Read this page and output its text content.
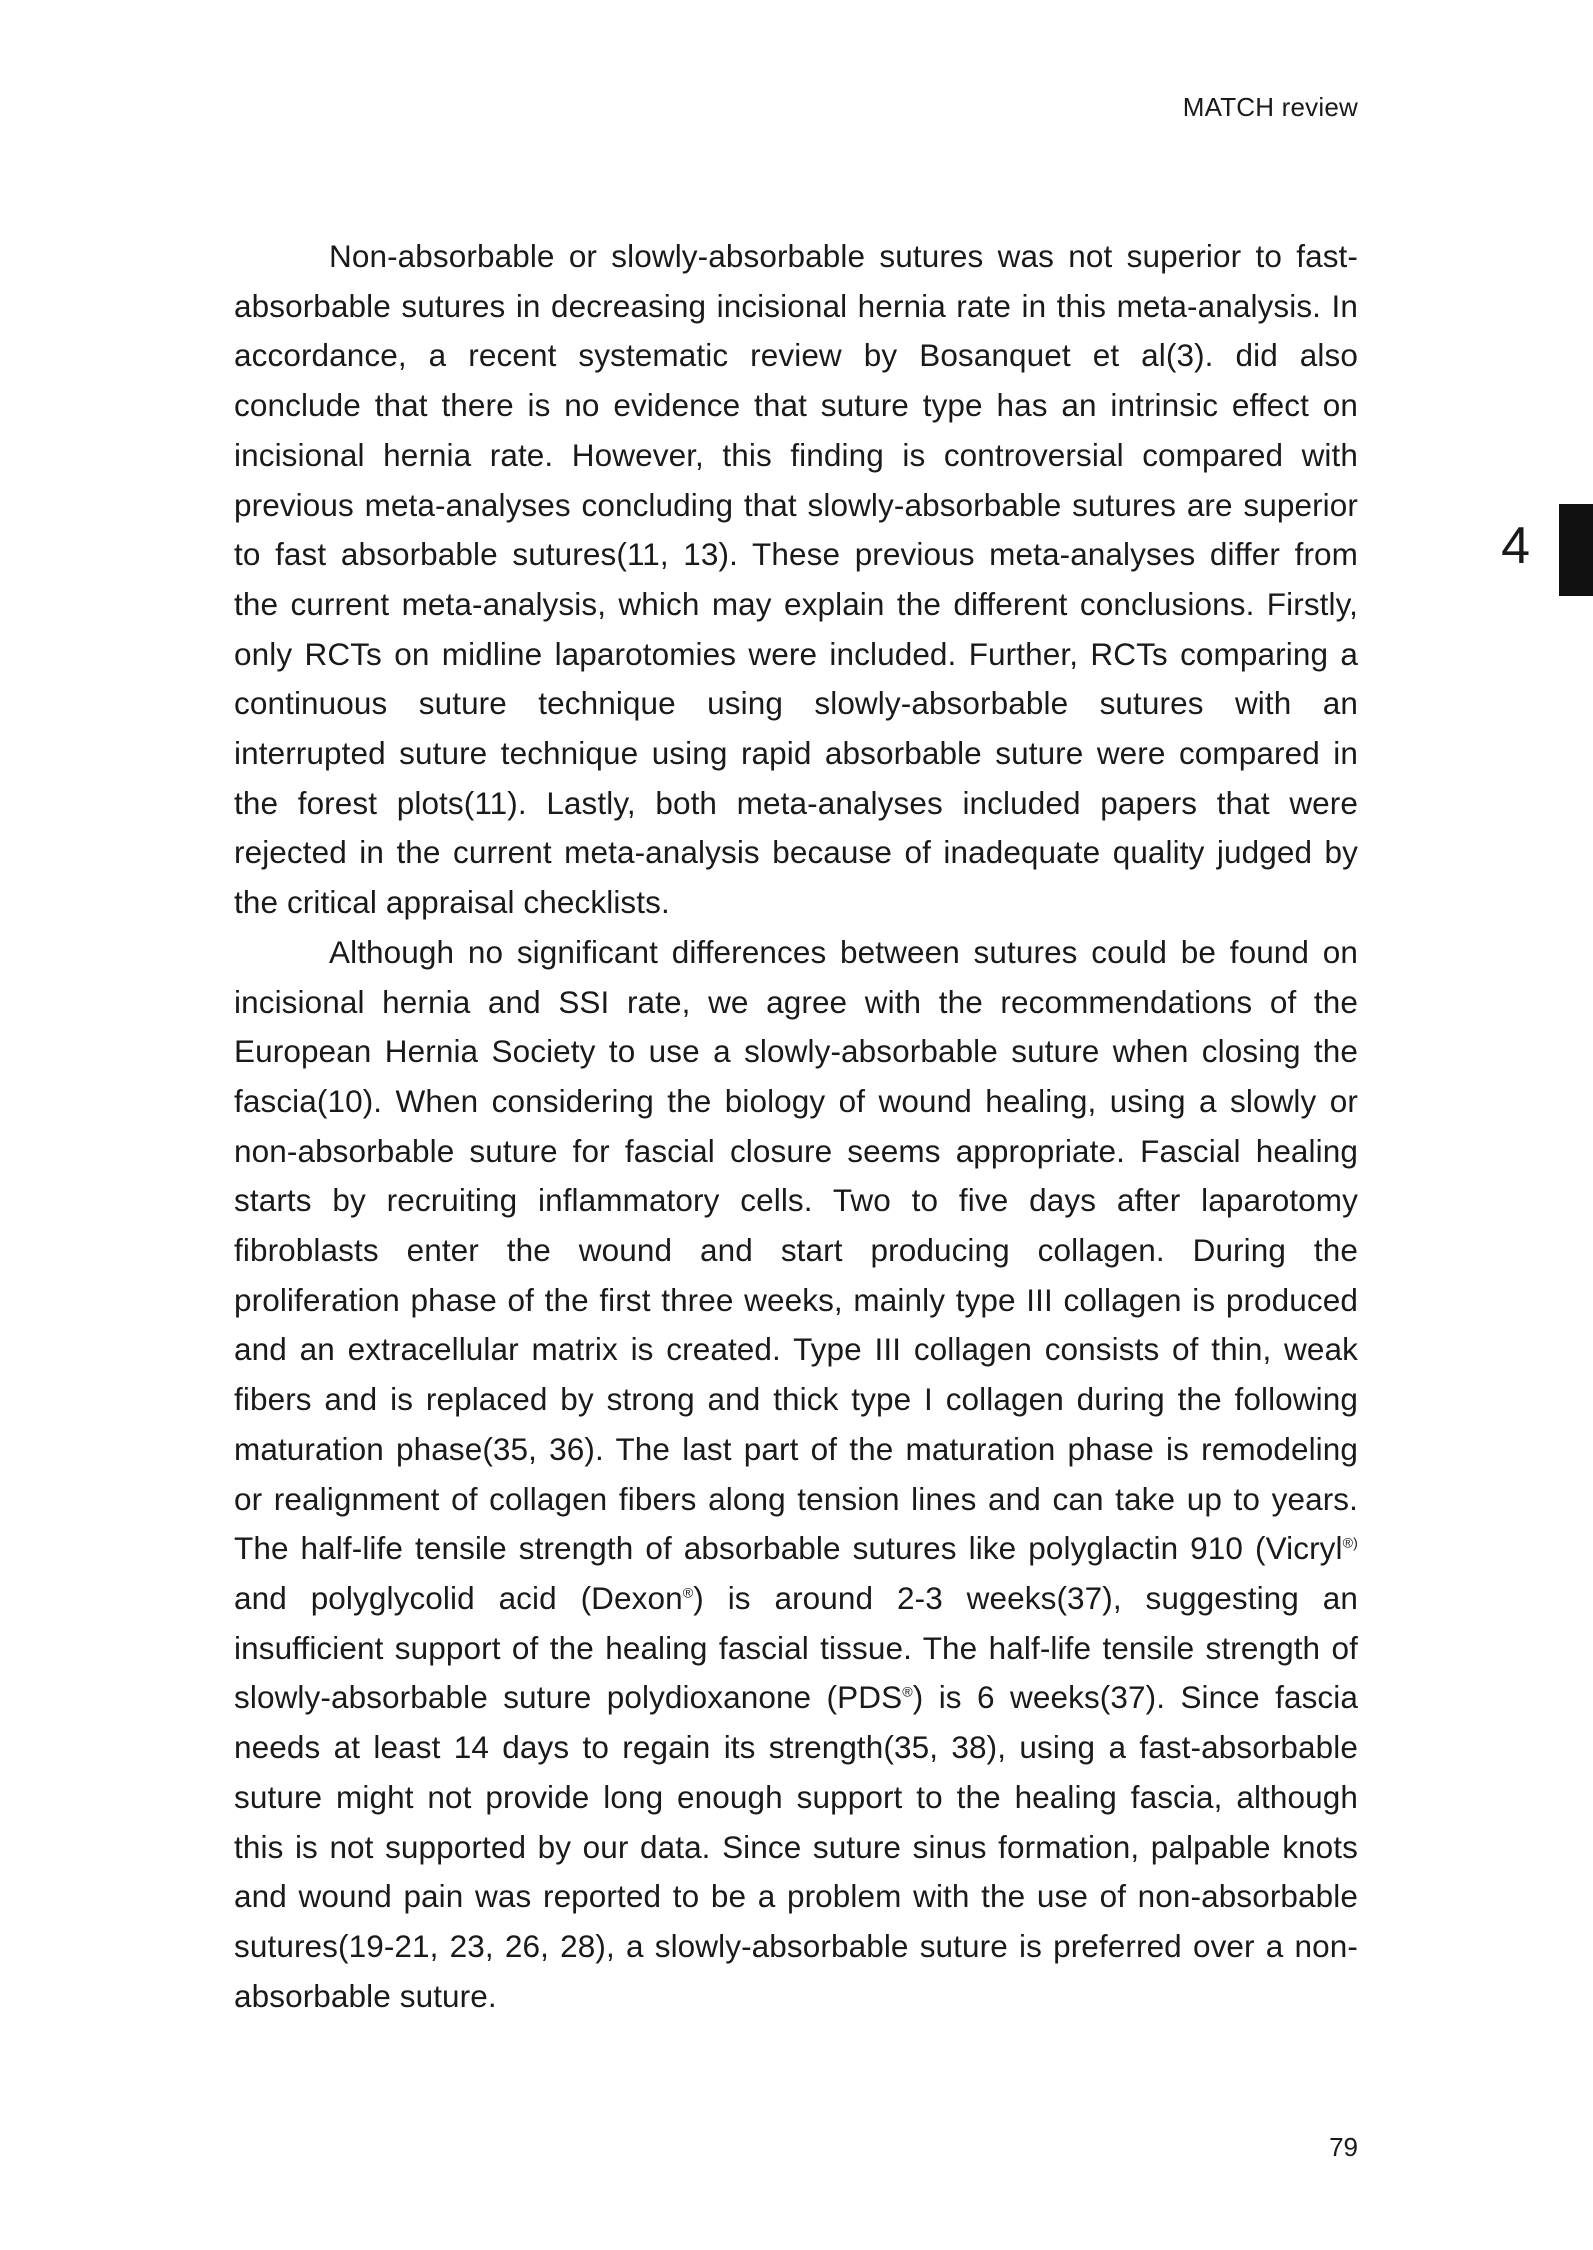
MATCH review
4

Non-absorbable or slowly-absorbable sutures was not superior to fast-absorbable sutures in decreasing incisional hernia rate in this meta-analysis. In accordance, a recent systematic review by Bosanquet et al(3). did also conclude that there is no evidence that suture type has an intrinsic effect on incisional hernia rate. However, this finding is controversial compared with previous meta-analyses concluding that slowly-absorbable sutures are superior to fast absorbable sutures(11, 13). These previous meta-analyses differ from the current meta-analysis, which may explain the different conclusions. Firstly, only RCTs on midline laparotomies were included. Further, RCTs comparing a continuous suture technique using slowly-absorbable sutures with an interrupted suture technique using rapid absorbable suture were compared in the forest plots(11). Lastly, both meta-analyses included papers that were rejected in the current meta-analysis because of inadequate quality judged by the critical appraisal checklists.

Although no significant differences between sutures could be found on incisional hernia and SSI rate, we agree with the recommendations of the European Hernia Society to use a slowly-absorbable suture when closing the fascia(10). When considering the biology of wound healing, using a slowly or non-absorbable suture for fascial closure seems appropriate. Fascial healing starts by recruiting inflammatory cells. Two to five days after laparotomy fibroblasts enter the wound and start producing collagen. During the proliferation phase of the first three weeks, mainly type III collagen is produced and an extracellular matrix is created. Type III collagen consists of thin, weak fibers and is replaced by strong and thick type I collagen during the following maturation phase(35, 36). The last part of the maturation phase is remodeling or realignment of collagen fibers along tension lines and can take up to years. The half-life tensile strength of absorbable sutures like polyglactin 910 (Vicryl®) and polyglycolid acid (Dexon®) is around 2-3 weeks(37), suggesting an insufficient support of the healing fascial tissue. The half-life tensile strength of slowly-absorbable suture polydioxanone (PDS®) is 6 weeks(37). Since fascia needs at least 14 days to regain its strength(35, 38), using a fast-absorbable suture might not provide long enough support to the healing fascia, although this is not supported by our data. Since suture sinus formation, palpable knots and wound pain was reported to be a problem with the use of non-absorbable sutures(19-21, 23, 26, 28), a slowly-absorbable suture is preferred over a non-absorbable suture.

79
